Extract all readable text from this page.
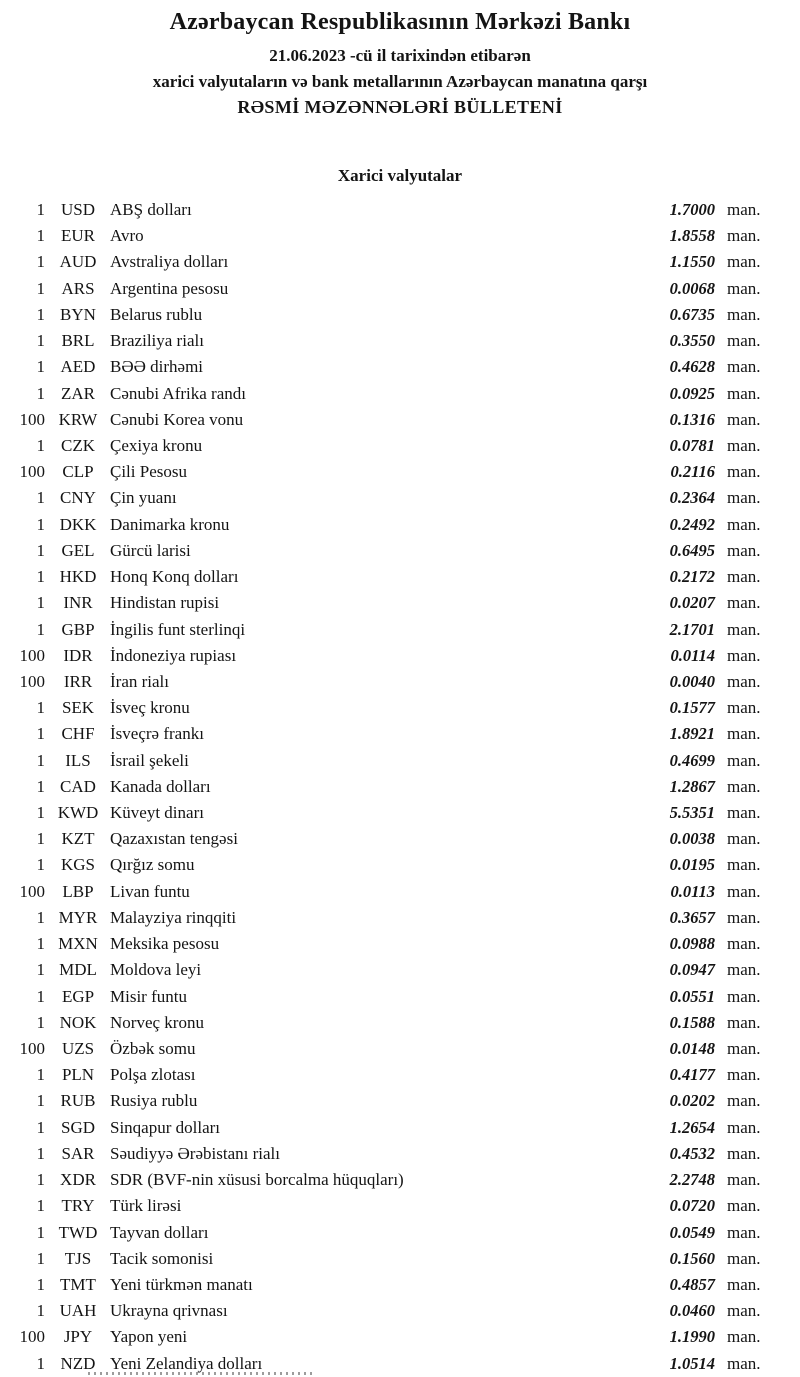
Azərbaycan Respublikasının Mərkəzi Bankı
21.06.2023 -cü il tarixindən etibarən
xarici valyutaların və bank metallarının Azərbaycan manatına qarşı
RƏSMİ MƏZƏNNƏLƏRİ BÜLLETENİ
Xarici valyutalar
1 USD ABŞ dolları	1.7000 man.
1 EUR Avro	1.8558 man.
1 AUD Avstraliya dolları	1.1550 man.
1 ARS Argentina pesosu	0.0068 man.
1 BYN Belarus rublu	0.6735 man.
1 BRL Braziliya rialı	0.3550 man.
1 AED BƏƏ dirhəmi	0.4628 man.
1 ZAR Cənubi Afrika randı	0.0925 man.
100 KRW Cənubi Korea vonu	0.1316 man.
1 CZK Çexiya kronu	0.0781 man.
100	CLP Çili Pesosu	0.2116 man.
1 CNY Çin yuanı	0.2364 man.
1 DKK Danimarka kronu	0.2492 man.
1 GEL Gürcü larisi	0.6495 man.
1 HKD Honq Konq dolları	0.2172 man.
1	INR	Hindistan rupisi	0.0207 man.
1 GBP İngilis funt sterlinqi	2.1701 man.
100	IDR	İndoneziya rupiası	0.0114 man.
100	IRR	İran rialı	0.0040 man.
1 SEK İsveç kronu	0.1577 man.
1 CHF İsveçrə frankı	1.8921 man.
1	ILS	İsrail şekeli	0.4699 man.
1 CAD Kanada dolları	1.2867 man.
1 KWD Küveyt dinarı	5.5351 man.
1 KZT Qazaxıstan tengəsi	0.0038 man.
1 KGS Qırğız somu	0.0195 man.
100	LBP Livan funtu	0.0113 man.
1 MYR Malayziya rinqqiti	0.3657 man.
1 MXN Meksika pesosu	0.0988 man.
1 MDL Moldova leyi	0.0947 man.
1 EGP Misir funtu	0.0551 man.
1 NOK Norveç kronu	0.1588 man.
100 UZS Özbək somu	0.0148 man.
1 PLN Polşa zlotası	0.4177 man.
1 RUB Rusiya rublu	0.0202 man.
1 SGD Sinqapur dolları	1.2654 man.
1 SAR Səudiyyə Ərəbistanı rialı	0.4532 man.
1 XDR SDR (BVF-nin xüsusi borcalma hüquqları)	2.2748 man.
1 TRY Türk lirəsi	0.0720 man.
1 TWD Tayvan dolları	0.0549 man.
1	TJS	Tacik somonisi	0.1560 man.
1 TMT Yeni türkmən manatı	0.4857 man.
1 UAH Ukrayna qrivnası	0.0460 man.
100	JPY	Yapon yeni	1.1990 man.
1 NZD Yeni Zelandiya dolları	1.0514 man.
